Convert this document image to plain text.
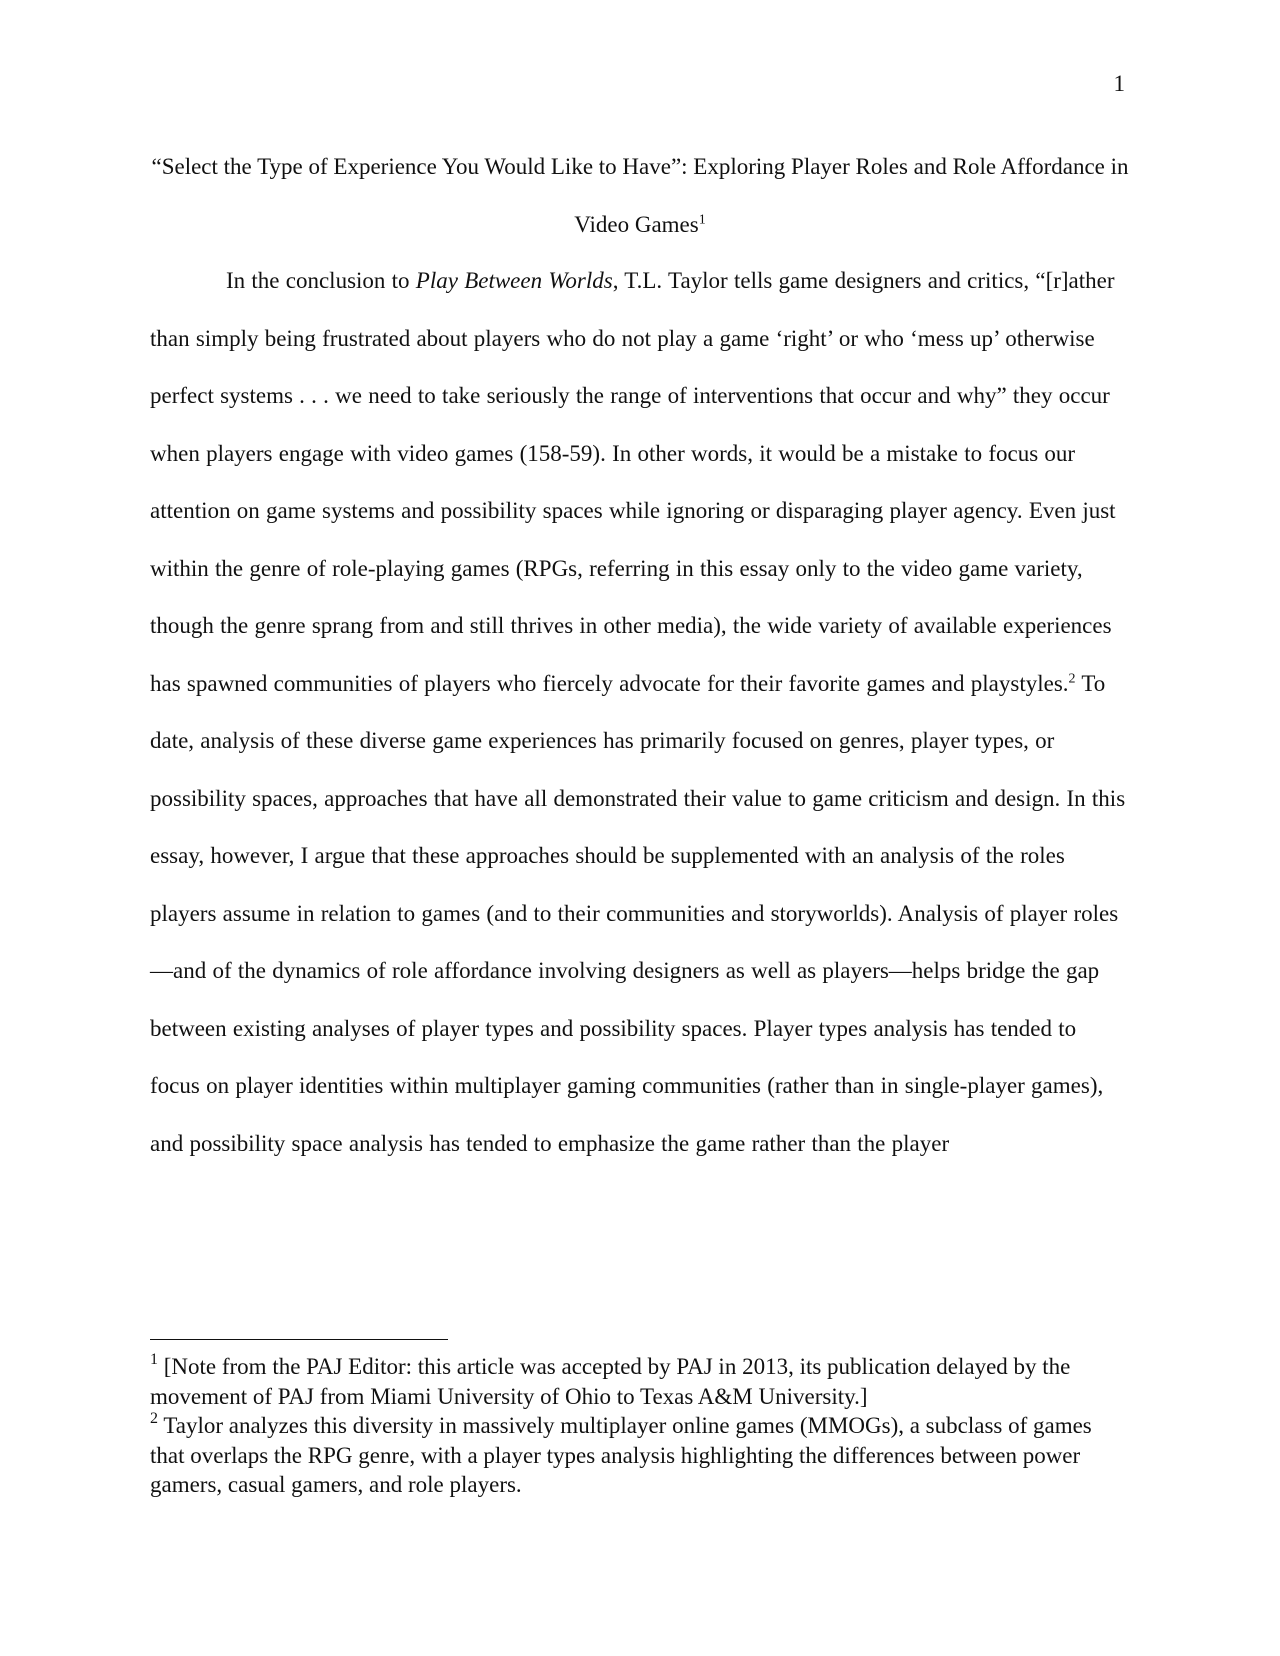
1
“Select the Type of Experience You Would Like to Have”: Exploring Player Roles and Role Affordance in Video Games$^1$

In the conclusion to Play Between Worlds, T.L. Taylor tells game designers and critics, “[r]ather than simply being frustrated about players who do not play a game ‘right’ or who ‘mess up’ otherwise perfect systems . . . we need to take seriously the range of interventions that occur and why” they occur when players engage with video games (158-59). In other words, it would be a mistake to focus our attention on game systems and possibility spaces while ignoring or disparaging player agency. Even just within the genre of role-playing games (RPGs, referring in this essay only to the video game variety, though the genre sprang from and still thrives in other media), the wide variety of available experiences has spawned communities of players who fiercely advocate for their favorite games and playstyles.$^2$ To date, analysis of these diverse game experiences has primarily focused on genres, player types, or possibility spaces, approaches that have all demonstrated their value to game criticism and design. In this essay, however, I argue that these approaches should be supplemented with an analysis of the roles players assume in relation to games (and to their communities and storyworlds). Analysis of player roles—and of the dynamics of role affordance involving designers as well as players—helps bridge the gap between existing analyses of player types and possibility spaces. Player types analysis has tended to focus on player identities within multiplayer gaming communities (rather than in single-player games), and possibility space analysis has tended to emphasize the game rather than the player

$^1$ [Note from the PAJ Editor: this article was accepted by PAJ in 2013, its publication delayed by the movement of PAJ from Miami University of Ohio to Texas A&M University.]

$^2$ Taylor analyzes this diversity in massively multiplayer online games (MMOGs), a subclass of games that overlaps the RPG genre, with a player types analysis highlighting the differences between power gamers, casual gamers, and role players.
